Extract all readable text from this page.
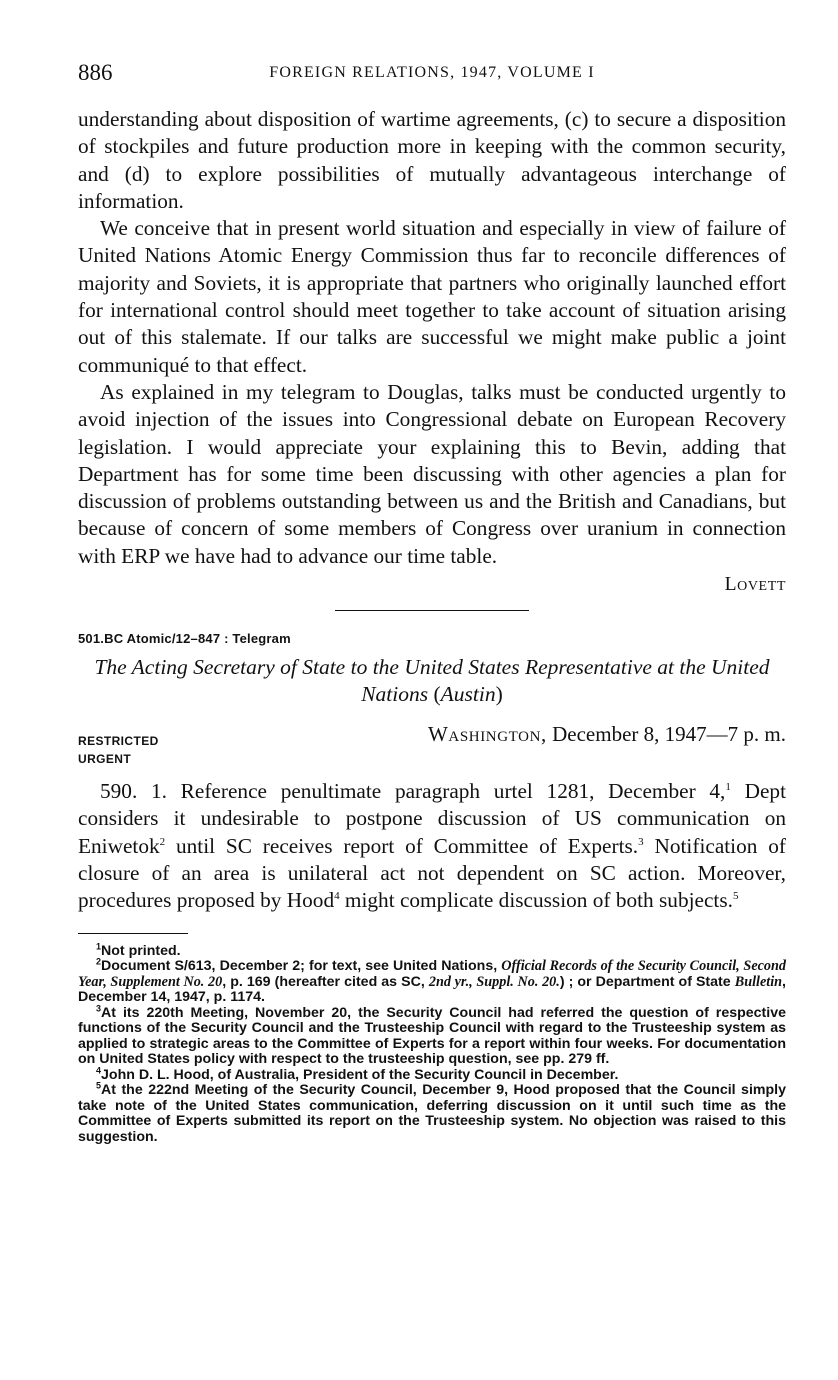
886	FOREIGN RELATIONS, 1947, VOLUME I

understanding about disposition of wartime agreements, (c) to secure a disposition of stockpiles and future production more in keeping with the common security, and (d) to explore possibilities of mutually advantageous interchange of information.

We conceive that in present world situation and especially in view of failure of United Nations Atomic Energy Commission thus far to reconcile differences of majority and Soviets, it is appropriate that partners who originally launched effort for international control should meet together to take account of situation arising out of this stalemate. If our talks are successful we might make public a joint communiqué to that effect.

As explained in my telegram to Douglas, talks must be conducted urgently to avoid injection of the issues into Congressional debate on European Recovery legislation. I would appreciate your explaining this to Bevin, adding that Department has for some time been discussing with other agencies a plan for discussion of problems outstanding between us and the British and Canadians, but because of concern of some members of Congress over uranium in connection with ERP we have had to advance our time table.

Lovett
501.BC Atomic/12–847 : Telegram
The Acting Secretary of State to the United States Representative at the United Nations (Austin)
RESTRICTED	Washington, December 8, 1947—7 p. m.
URGENT

590. 1. Reference penultimate paragraph urtel 1281, December 4,$^1$ Dept considers it undesirable to postpone discussion of US communication on Eniwetok$^2$ until SC receives report of Committee of Experts.$^3$ Notification of closure of an area is unilateral act not dependent on SC action. Moreover, procedures proposed by Hood$^4$ might complicate discussion of both subjects.$^5$

$^1$Not printed.

$^2$Document S/613, December 2; for text, see United Nations, Official Records of the Security Council, Second Year, Supplement No. 20, p. 169 (hereafter cited as SC, 2nd yr., Suppl. No. 20.) ; or Department of State Bulletin, December 14, 1947, p. 1174.

$^3$At its 220th Meeting, November 20, the Security Council had referred the question of respective functions of the Security Council and the Trusteeship Council with regard to the Trusteeship system as applied to strategic areas to the Committee of Experts for a report within four weeks. For documentation on United States policy with respect to the trusteeship question, see pp. 279 ff.

$^4$John D. L. Hood, of Australia, President of the Security Council in December.

$^5$At the 222nd Meeting of the Security Council, December 9, Hood proposed that the Council simply take note of the United States communication, deferring discussion on it until such time as the Committee of Experts submitted its report on the Trusteeship system. No objection was raised to this suggestion.
